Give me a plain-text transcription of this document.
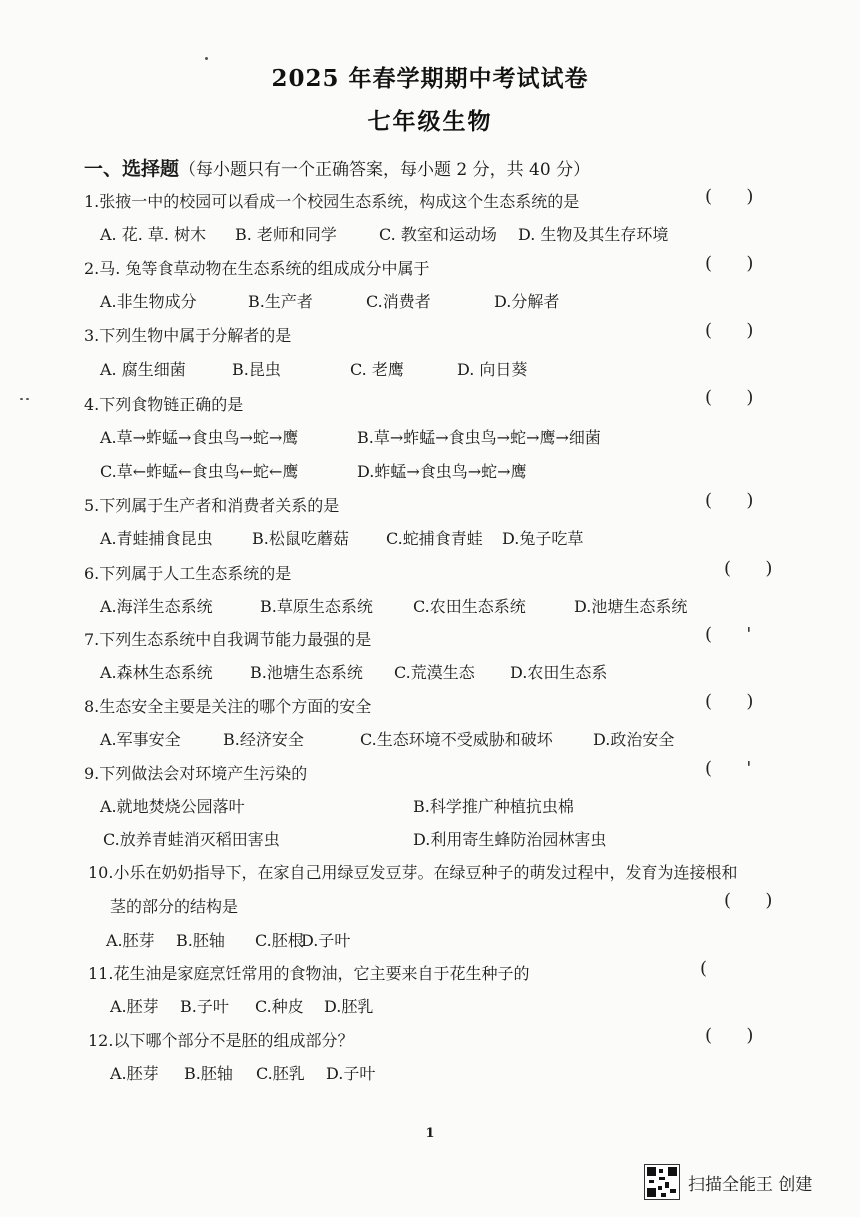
2025 年春学期期中考试试卷
七年级生物
一、选择题（每小题只有一个正确答案，每小题 2 分，共 40 分）
1.张掖一中的校园可以看成一个校园生态系统，构成这个生态系统的是	(      )
A. 花. 草. 树木 B. 老师和同学	C. 教室和运动场 D. 生物及其生存环境
2.马. 兔等食草动物在生态系统的组成成分中属于	(      )
A.非生物成分	B.生产者	C.消费者	D.分解者
3.下列生物中属于分解者的是	(      )
A. 腐生细菌	B.昆虫	C. 老鹰	D. 向日葵
4.下列食物链正确的是	(      )
A.草→蚱蜢→食虫鸟→蛇→鹰	B.草→蚱蜢→食虫鸟→蛇→鹰→细菌
C.草←蚱蜢←食虫鸟←蛇←鹰	D.蚱蜢→食虫鸟→蛇→鹰
5.下列属于生产者和消费者关系的是	(      )
A.青蛙捕食昆虫 B.松鼠吃蘑菇 C.蛇捕食青蛙 D.兔子吃草
6.下列属于人工生态系统的是	(      )
A.海洋生态系统	B.草原生态系统	C.农田生态系统	D.池塘生态系统
7.下列生态系统中自我调节能力最强的是	(      '
A.森林生态系统 B.池塘生态系统 C.荒漠生态 D.农田生态系
8.生态安全主要是关注的哪个方面的安全	(      )
A.军事安全	B.经济安全	C.生态环境不受威胁和破坏	D.政治安全
9.下列做法会对环境产生污染的	(      '
A.就地焚烧公园落叶	B.科学推广种植抗虫棉
C.放养青蛙消灭稻田害虫	D.利用寄生蜂防治园林害虫
10.小乐在奶奶指导下，在家自己用绿豆发豆芽。在绿豆种子的萌发过程中，发育为连接根和
茎的部分的结构是	(      )
A.胚芽 B.胚轴 C.胚根
D.子叶
11.花生油是家庭烹饪常用的食物油，它主要来自于花生种子的	(
A.胚芽 B.子叶 C.种皮 D.胚乳
12.以下哪个部分不是胚的组成部分？	(      )
A.胚芽 B.胚轴 C.胚乳 D.子叶
1
扫描全能王 创建
